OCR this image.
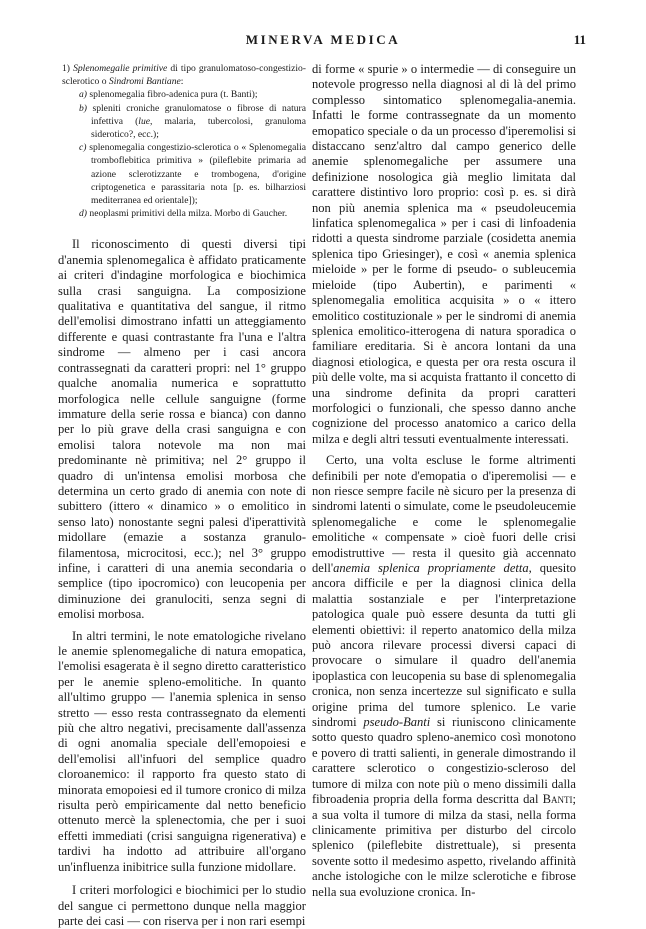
MINERVA MEDICA	11

1) Splenomegalie primitive di tipo granulomatoso-congestizio-sclerotico o Sindromi Bantiane:

a) splenomegalia fibro-adenica pura (t. Banti);

b) spleniti croniche granulomatose o fibrose di natura infettiva (lue, malaria, tubercolosi, granuloma siderotico?, ecc.);

c) splenomegalia congestizio-sclerotica o « Splenomegalia tromboflebitica primitiva » (pileflebite primaria ad azione sclerotizzante e trombogena, d'origine criptogenetica e parassitaria nota [p. es. bilharziosi mediterranea ed orientale]);

d) neoplasmi primitivi della milza. Morbo di Gaucher.

Il riconoscimento di questi diversi tipi d'anemia splenomegalica è affidato praticamente ai criteri d'indagine morfologica e biochimica sulla crasi sanguigna. La composizione qualitativa e quantitativa del sangue, il ritmo dell'emolisi dimostrano infatti un atteggiamento differente e quasi contrastante fra l'una e l'altra sindrome — almeno per i casi ancora contrassegnati da caratteri propri: nel 1° gruppo qualche anomalia numerica e soprattutto morfologica nelle cellule sanguigne (forme immature della serie rossa e bianca) con danno per lo più grave della crasi sanguigna e con emolisi talora notevole ma non mai predominante nè primitiva; nel 2° gruppo il quadro di un'intensa emolisi morbosa che determina un certo grado di anemia con note di subittero (ittero « dinamico » o emolitico in senso lato) nonostante segni palesi d'iperattività midollare (emazie a sostanza granulo-filamentosa, microcitosi, ecc.); nel 3° gruppo infine, i caratteri di una anemia secondaria o semplice (tipo ipocromico) con leucopenia per diminuzione dei granulociti, senza segni di emolisi morbosa.

In altri termini, le note ematologiche rivelano le anemie splenomegaliche di natura emopatica, l'emolisi esagerata è il segno diretto caratteristico per le anemie spleno-emolitiche. In quanto all'ultimo gruppo — l'anemia splenica in senso stretto — esso resta contrassegnato da elementi più che altro negativi, precisamente dall'assenza di ogni anomalia speciale dell'emopoiesi e dell'emolisi all'infuori del semplice quadro cloroanemico: il rapporto fra questo stato di minorata emopoiesi ed il tumore cronico di milza risulta però empiricamente dal netto beneficio ottenuto mercè la splenectomia, che per i suoi effetti immediati (crisi sanguigna rigenerativa) e tardivi ha indotto ad attribuire all'organo un'influenza inibitrice sulla funzione midollare.

I criteri morfologici e biochimici per lo studio del sangue ci permettono dunque nella maggior parte dei casi — con riserva per i non rari esempi

di forme « spurie » o intermedie — di conseguire un notevole progresso nella diagnosi al di là del primo complesso sintomatico splenomegalia-anemia. Infatti le forme contrassegnate da un momento emopatico speciale o da un processo d'iperemolisi si distaccano senz'altro dal campo generico delle anemie splenomegaliche per assumere una definizione nosologica già meglio limitata dal carattere distintivo loro proprio: così p. es. si dirà non più anemia splenica ma « pseudoleucemia linfatica splenomegalica » per i casi di linfoadenia ridotti a questa sindrome parziale (cosidetta anemia splenica tipo Griesinger), e così « anemia splenica mieloide » per le forme di pseudo- o subleucemia mieloide (tipo Aubertin), e parimenti « splenomegalia emolitica acquisita » o « ittero emolitico costituzionale » per le sindromi di anemia splenica emolitico-itterogena di natura sporadica o familiare ereditaria. Si è ancora lontani da una diagnosi etiologica, e questa per ora resta oscura il più delle volte, ma si acquista frattanto il concetto di una sindrome definita da propri caratteri morfologici o funzionali, che spesso danno anche cognizione del processo anatomico a carico della milza e degli altri tessuti eventualmente interessati.

Certo, una volta escluse le forme altrimenti definibili per note d'emopatia o d'iperemolisi — e non riesce sempre facile nè sicuro per la presenza di sindromi latenti o simulate, come le pseudoleucemie splenomegaliche e come le splenomegalie emolitiche « compensate » cioè fuori delle crisi emodistruttive — resta il quesito già accennato dell'anemia splenica propriamente detta, quesito ancora difficile e per la diagnosi clinica della malattia sostanziale e per l'interpretazione patologica quale può essere desunta da tutti gli elementi obiettivi: il reperto anatomico della milza può ancora rilevare processi diversi capaci di provocare o simulare il quadro dell'anemia ipoplastica con leucopenia su base di splenomegalia cronica, non senza incertezze sul significato e sulla origine prima del tumore splenico. Le varie sindromi pseudo-Banti si riuniscono clinicamente sotto questo quadro spleno-anemico così monotono e povero di tratti salienti, in generale dimostrando il carattere sclerotico o congestizio-scleroso del tumore di milza con note più o meno dissimili dalla fibroadenia propria della forma descritta dal Banti; a sua volta il tumore di milza da stasi, nella forma clinicamente primitiva per disturbo del circolo splenico (pileflebite distrettuale), si presenta sovente sotto il medesimo aspetto, rivelando affinità anche istologiche con le milze sclerotiche e fibrose nella sua evoluzione cronica. In-
